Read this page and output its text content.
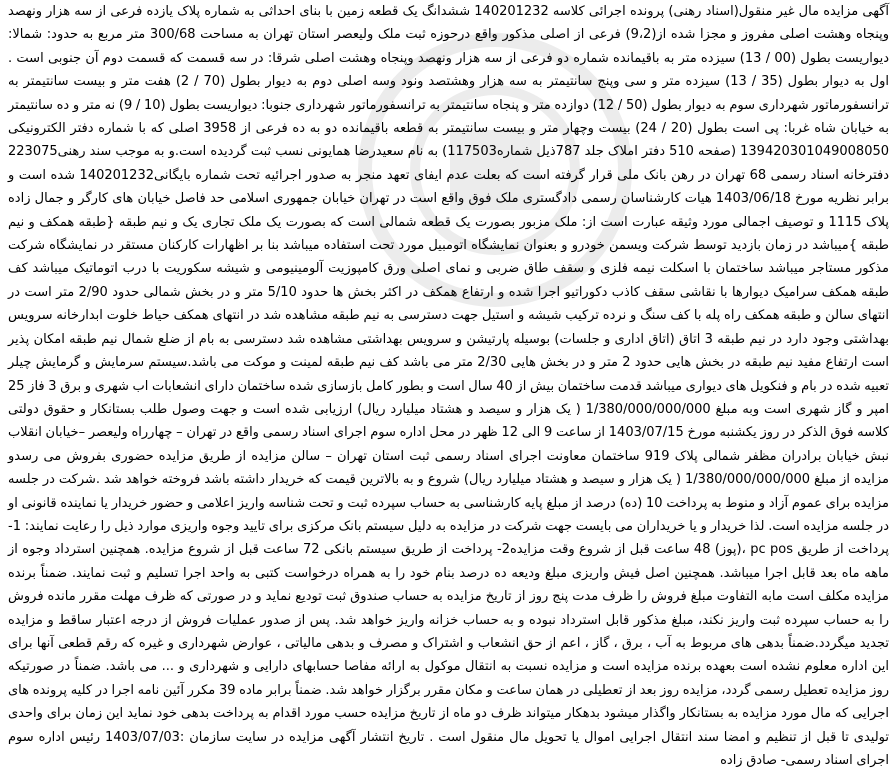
آگهی مزایده مال غیر منقول(اسناد رهنی) پرونده اجرائی کلاسه 140201232 ششدانگ یک قطعه زمین با بنای احداثی به شماره پلاک یازده فرعی از سه هزار ونهصد وپنجاه وهشت اصلی مفروز و مجزا شده از(9،2) فرعی از اصلی مذکور واقع درحوزه ثبت ملک ولیعصر استان تهران به مساحت 300/68 متر مربع به حدود: شمالا: دیواریست بطول (00 / 13) سیزده متر به باقیمانده شماره دو فرعی از سه هزار ونهصد وپنجاه وهشت اصلی شرقا: در سه قسمت که قسمت دوم آن جنوبی است . اول به دیوار بطول (35 / 13) سیزده متر و سی وپنج سانتیمتر به سه هزار وهشتصد ونود وسه اصلی دوم به دیوار بطول (70 / 2) هفت متر و بیست سانتیمتر به ترانسفورماتور شهرداری سوم به دیوار بطول (50 / 12) دوازده متر و پنجاه سانتیمتر به ترانسفورماتور شهرداری جنوبا: دیواریست بطول (10 / 9) نه متر و ده سانتیمتر به خیابان شاه غربا: پی است بطول (20 / 24) بیست وچهار متر و بیست سانتیمتر به قطعه باقیمانده دو به ده فرعی از 3958 اصلی که با شماره دفتر الکترونیکی 139420301049008050 (صفحه 510 دفتر املاک جلد 787ذیل شماره117503) به نام سعیدرضا همایونی نسب ثبت گردیده است.و به موجب سند رهنی223075 دفترخانه اسناد رسمی 68 تهران در رهن بانک ملی قرار گرفته است که بعلت عدم ایفای تعهد منجر به صدور اجرائیه تحت شماره بایگانی140201232 شده است و برابر نظریه مورخ 1403/06/18 هیات کارشناسان رسمی دادگستری ملک فوق واقع است در تهران خیابان جمهوری اسلامی حد فاصل خیابان های کارگر و جمال زاده پلاک 1115 و توصیف اجمالی مورد وثیقه عبارت است از: ملک مزبور بصورت یک قطعه شمالی است که بصورت یک ملک تجاری یک و نیم طبقه {طبقه همکف و نیم طبقه }میباشد در زمان بازدید توسط شرکت ویسمن خودرو و بعنوان نمایشگاه اتومبیل مورد تحت استفاده میباشد بنا بر اظهارات کارکنان مستقر در نمایشگاه شرکت مذکور مستاجر میباشد ساختمان با اسکلت نیمه فلزی و سقف طاق ضربی و نمای اصلی ورق کامپوزیت آلومینیومی و شیشه سکوریت با درب اتوماتیک میباشد کف طبقه همکف سرامیک دیوارها با نقاشی سقف کاذب دکوراتیو اجرا شده و ارتفاع همکف در اکثر بخش ها حدود 5/10 متر و در بخش شمالی حدود 2/90 متر است در انتهای سالن و طبقه همکف راه پله با کف سنگ و نرده ترکیب شیشه و استیل جهت دسترسی به نیم طبقه مشاهده شد در انتهای همکف حیاط خلوت ابدارخانه سرویس بهداشتی وجود دارد در نیم طبقه 3 اتاق (اتاق اداری و جلسات) بوسیله پارتیشن و سرویس بهداشتی مشاهده شد دسترسی به بام از ضلع شمال نیم طبقه امکان پذیر است ارتفاع مفید نیم طبقه در بخش هایی حدود 2 متر و در بخش هایی 2/30 متر می باشد کف نیم طبقه لمینت و موکت می باشد.سیستم سرمایش و گرمایش چیلر تعبیه شده در بام و فنکویل های دیواری میباشد قدمت ساختمان بیش از 40 سال است و بطور کامل بازسازی شده ساختمان دارای انشعابات اب شهری و برق 3 فاز 25 امپر و گاز شهری است وبه مبلغ 1/380/000/000/000 ( یک هزار و سیصد و هشتاد میلیارد ریال) ارزیابی شده است و جهت وصول طلب بستانکار و حقوق دولتی کلاسه فوق الذکر در روز یکشنبه مورخ 1403/07/15 از ساعت 9 الی 12 ظهر در محل اداره سوم اجرای اسناد رسمی واقع در تهران – چهارراه ولیعصر –خیابان انقلاب نبش خیابان برادران مظفر شمالی پلاک 919 ساختمان معاونت اجرای اسناد رسمی ثبت استان تهران – سالن مزایده از طریق مزایده حضوری بفروش می رسدو مزایده از مبلغ 1/380/000/000/000 ( یک هزار و سیصد و هشتاد میلیارد ریال) شروع و به بالاترین قیمت که خریدار داشته باشد فروخته خواهد شد .شرکت در جلسه مزایده برای عموم آزاد و منوط به پرداخت 10 (ده) درصد از مبلغ پایه کارشناسی به حساب سپرده ثبت و تحت شناسه واریز اعلامی و حضور خریدار یا نماینده قانونی او در جلسه مزایده است. لذا خریدار و یا خریداران می بایست جهت شرکت در مزایده به دلیل سیستم بانک مرکزی برای تایید وجوه واریزی موارد ذیل را رعایت نمایند: 1- پرداخت از طریق pc pos ،(پوز) 48 ساعت قبل از شروع وقت مزایده2- پرداخت از طریق سیستم بانکی 72 ساعت قبل از شروع مزایده. همچنین استرداد وجوه از ماهه ماه بعد قابل اجرا میباشد. همچنین اصل فیش واریزی مبلغ ودیعه ده درصد بنام خود را به همراه درخواست کتبی به واحد اجرا تسلیم و ثبت نمایند. ضمناً برنده مزایده مکلف است مابه التفاوت مبلغ فروش را ظرف مدت پنج روز از تاریخ مزایده به حساب صندوق ثبت تودیع نماید و در صورتی که ظرف مهلت مقرر مانده فروش را به حساب سپرده ثبت واریز نکند، مبلغ مذکور قابل استرداد نبوده و به حساب خزانه واریز خواهد شد. پس از صدور عملیات فروش از درجه اعتبار ساقط و مزایده تجدید میگردد.ضمناً بدهی های مربوط به آب ، برق ، گاز ، اعم از حق انشعاب و اشتراک و مصرف و بدهی مالیاتی ، عوارض شهرداری و غیره که رقم قطعی آنها برای این اداره معلوم نشده است بعهده برنده مزایده است و مزایده نسبت به انتقال موکول به ارائه مفاصا حسابهای دارایی و شهرداری و ... می باشد. ضمناً در صورتیکه روز مزایده تعطیل رسمی گردد، مزایده روز بعد از تعطیلی در همان ساعت و مکان مقرر برگزار خواهد شد. ضمناً برابر ماده 39 مکرر آئین نامه اجرا در کلیه پرونده های اجرایی که مال مورد مزایده به بستانکار واگذار میشود بدهکار میتواند ظرف دو ماه از تاریخ مزایده حسب مورد اقدام به پرداخت بدهی خود نماید این زمان برای واحدی تولیدی تا قبل از تنظیم و امضا سند انتقال اجرایی اموال یا تحویل مال منقول است . تاریخ انتشار آگهی مزایده در سایت سازمان :1403/07/03 رئیس اداره سوم اجرای اسناد رسمی- صادق زاده
